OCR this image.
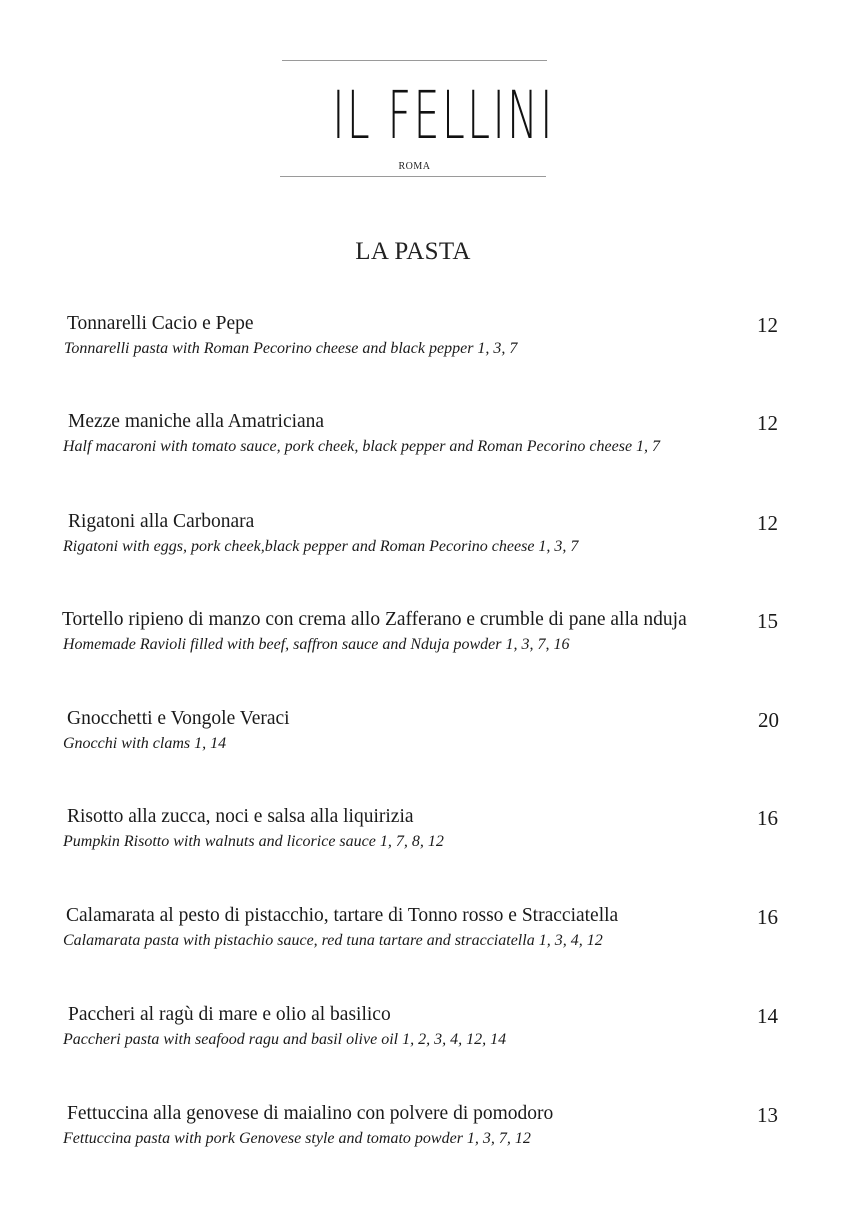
IL FELLINI
ROMA
LA PASTA
Tonnarelli Cacio e Pepe
Tonnarelli pasta with Roman Pecorino cheese and black pepper 1, 3, 7
12
Mezze maniche alla Amatriciana
Half macaroni with tomato sauce, pork cheek, black pepper and Roman Pecorino cheese 1, 7
12
Rigatoni alla Carbonara
Rigatoni with eggs, pork cheek,black pepper and Roman Pecorino cheese 1, 3, 7
12
Tortello ripieno di manzo con crema allo Zafferano e crumble di pane alla nduja
Homemade Ravioli filled with beef, saffron sauce and Nduja powder 1, 3, 7, 16
15
Gnocchetti e Vongole Veraci
Gnocchi with clams 1, 14
20
Risotto alla zucca, noci e salsa alla liquirizia
Pumpkin Risotto with walnuts and licorice sauce 1, 7, 8, 12
16
Calamarata al pesto di pistacchio, tartare di Tonno rosso e Stracciatella
Calamarata pasta with pistachio sauce, red tuna tartare and stracciatella 1, 3, 4, 12
16
Paccheri al ragù di mare e olio al basilico
Paccheri pasta with seafood ragu and basil olive oil 1, 2, 3, 4, 12, 14
14
Fettuccina alla genovese di maialino con polvere di pomodoro
Fettuccina pasta with pork Genovese style and tomato powder 1, 3, 7, 12
13
